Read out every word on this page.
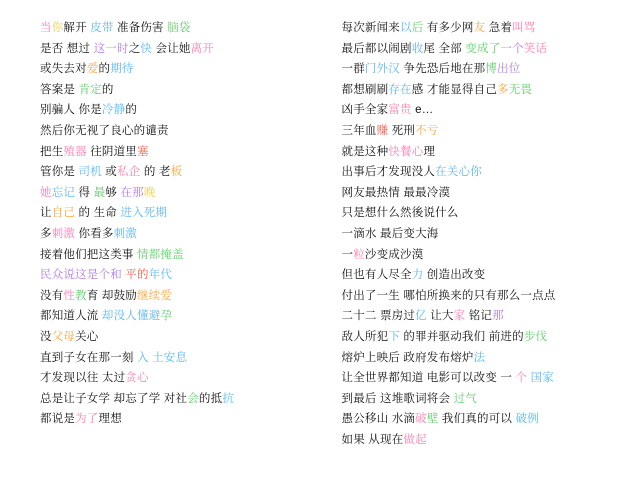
当你解开 皮带 准备伤害 脑袋
是否 想过 这一时之快 会让她离开
或失去对爱的期待
答案是 肯定的
别骗人 你是冷静的
然后你无视了良心的谴责
把生殖器 往阴道里塞
管你是 司机 或私企 的 老板
她忘记 得 最够 在那晚
让自己 的 生命 进入死期
多刺激 你看多刺激
接着他们把这类事 情都掩盖
民众说这是个和 平的年代
没有性教育 却鼓励继续爱
都知道人流 却没人懂避孕
没父母关心
直到子女在那一刻 入 土安息
才发现以往 太过贪心
总是让子女学 却忘了学 对社会的抵抗
都说是为了理想
每次新闻来以后 有多少网友 急着叫骂
最后都以闹剧收尾 全部 变成了一个笑话
一群门外汉 争先恐后地在那博出位
都想刷刷存在感 才能显得自己多无畏
凶手全家富贵 e…
三年血赚 死刑不亏
就是这种快餐心理
出事后才发现没人在关心你
网友最热情 最最冷漠
只是想什么然後说什么
一滴水 最后变大海
一粒沙变成沙漠
但也有人尽全力 创造出改变
付出了一生 哪怕所换来的只有那么一点点
二十二 票房过亿 让大家 铭记那
敌人所犯下 的罪并驱动我们 前进的步伐
熔炉上映后 政府发布熔炉法
让全世界都知道 电影可以改变 一 个 国家
到最后 这堆歌词将会 过气
愚公移山 水滴破壁 我们真的可以 破例
如果 从现在做起
